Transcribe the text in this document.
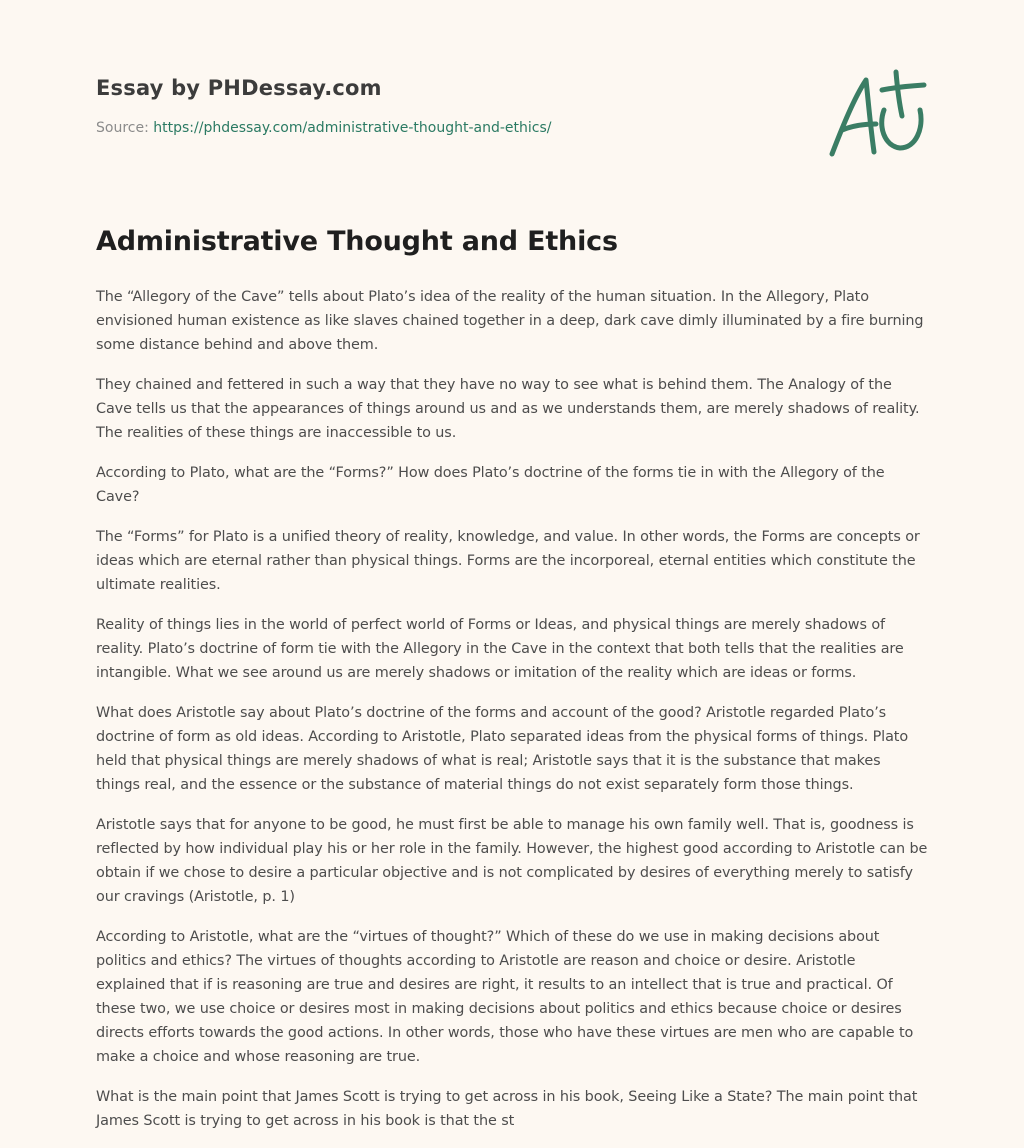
Essay by PHDessay.com
Source: https://phdessay.com/administrative-thought-and-ethics/
Administrative Thought and Ethics

The “Allegory of the Cave” tells about Plato’s idea of the reality of the human situation. In the Allegory, Plato envisioned human existence as like slaves chained together in a deep, dark cave dimly illuminated by a fire burning some distance behind and above them.

They chained and fettered in such a way that they have no way to see what is behind them. The Analogy of the Cave tells us that the appearances of things around us and as we understands them, are merely shadows of reality. The realities of these things are inaccessible to us.

According to Plato, what are the “Forms?” How does Plato’s doctrine of the forms tie in with the Allegory of the Cave?

The “Forms” for Plato is a unified theory of reality, knowledge, and value. In other words, the Forms are concepts or ideas which are eternal rather than physical things. Forms are the incorporeal, eternal entities which constitute the ultimate realities.

Reality of things lies in the world of perfect world of Forms or Ideas, and physical things are merely shadows of reality. Plato’s doctrine of form tie with the Allegory in the Cave in the context that both tells that the realities are intangible. What we see around us are merely shadows or imitation of the reality which are ideas or forms.

What does Aristotle say about Plato’s doctrine of the forms and account of the good? Aristotle regarded Plato’s doctrine of form as old ideas. According to Aristotle, Plato separated ideas from the physical forms of things. Plato held that physical things are merely shadows of what is real; Aristotle says that it is the substance that makes things real, and the essence or the substance of material things do not exist separately form those things.

Aristotle says that for anyone to be good, he must first be able to manage his own family well. That is, goodness is reflected by how individual play his or her role in the family. However, the highest good according to Aristotle can be obtain if we chose to desire a particular objective and is not complicated by desires of everything merely to satisfy our cravings (Aristotle, p. 1)

According to Aristotle, what are the “virtues of thought?” Which of these do we use in making decisions about politics and ethics? The virtues of thoughts according to Aristotle are reason and choice or desire. Aristotle explained that if is reasoning are true and desires are right, it results to an intellect that is true and practical. Of these two, we use choice or desires most in making decisions about politics and ethics because choice or desires directs efforts towards the good actions. In other words, those who have these virtues are men who are capable to make a choice and whose reasoning are true.

What is the main point that James Scott is trying to get across in his book, Seeing Like a State? The main point that James Scott is trying to get across in his book is that the st
